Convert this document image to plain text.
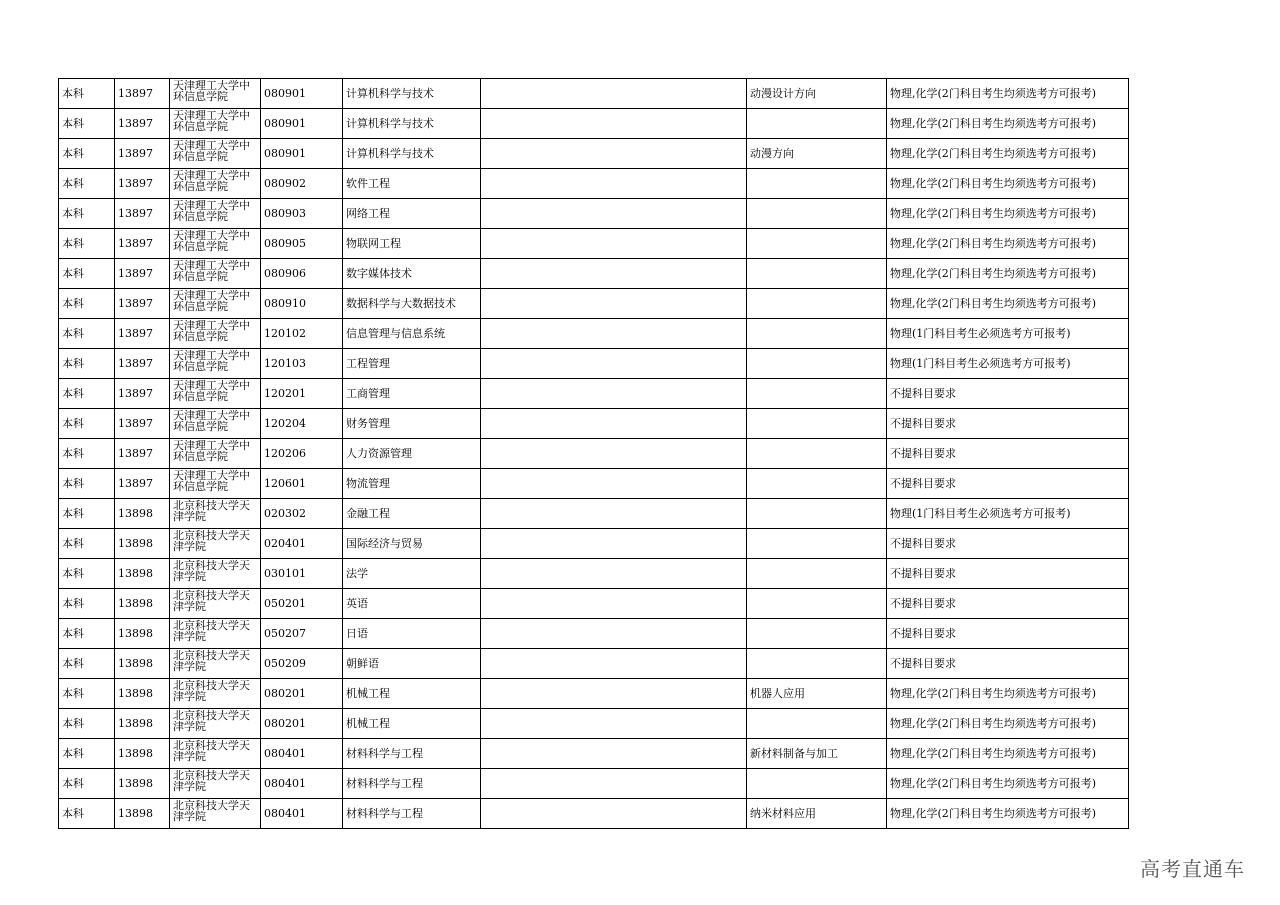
本科	13897	天津理工大学中环信息学院	080901	计算机科学与技术		动漫设计方向	物理,化学(2门科目考生均须选考方可报考)
本科	13897	天津理工大学中环信息学院	080901	计算机科学与技术			物理,化学(2门科目考生均须选考方可报考)
本科	13897	天津理工大学中环信息学院	080901	计算机科学与技术		动漫方向	物理,化学(2门科目考生均须选考方可报考)
本科	13897	天津理工大学中环信息学院	080902	软件工程			物理,化学(2门科目考生均须选考方可报考)
本科	13897	天津理工大学中环信息学院	080903	网络工程			物理,化学(2门科目考生均须选考方可报考)
本科	13897	天津理工大学中环信息学院	080905	物联网工程			物理,化学(2门科目考生均须选考方可报考)
本科	13897	天津理工大学中环信息学院	080906	数字媒体技术			物理,化学(2门科目考生均须选考方可报考)
本科	13897	天津理工大学中环信息学院	080910	数据科学与大数据技术			物理,化学(2门科目考生均须选考方可报考)
本科	13897	天津理工大学中环信息学院	120102	信息管理与信息系统			物理(1门科目考生必须选考方可报考)
本科	13897	天津理工大学中环信息学院	120103	工程管理			物理(1门科目考生必须选考方可报考)
本科	13897	天津理工大学中环信息学院	120201	工商管理			不提科目要求
本科	13897	天津理工大学中环信息学院	120204	财务管理			不提科目要求
本科	13897	天津理工大学中环信息学院	120206	人力资源管理			不提科目要求
本科	13897	天津理工大学中环信息学院	120601	物流管理			不提科目要求
本科	13898	北京科技大学天津学院	020302	金融工程			物理(1门科目考生必须选考方可报考)
本科	13898	北京科技大学天津学院	020401	国际经济与贸易			不提科目要求
本科	13898	北京科技大学天津学院	030101	法学			不提科目要求
本科	13898	北京科技大学天津学院	050201	英语			不提科目要求
本科	13898	北京科技大学天津学院	050207	日语			不提科目要求
本科	13898	北京科技大学天津学院	050209	朝鲜语			不提科目要求
本科	13898	北京科技大学天津学院	080201	机械工程		机器人应用	物理,化学(2门科目考生均须选考方可报考)
本科	13898	北京科技大学天津学院	080201	机械工程			物理,化学(2门科目考生均须选考方可报考)
本科	13898	北京科技大学天津学院	080401	材料科学与工程		新材料制备与加工	物理,化学(2门科目考生均须选考方可报考)
本科	13898	北京科技大学天津学院	080401	材料科学与工程			物理,化学(2门科目考生均须选考方可报考)
本科	13898	北京科技大学天津学院	080401	材料科学与工程		纳米材料应用	物理,化学(2门科目考生均须选考方可报考)
高考直通车
